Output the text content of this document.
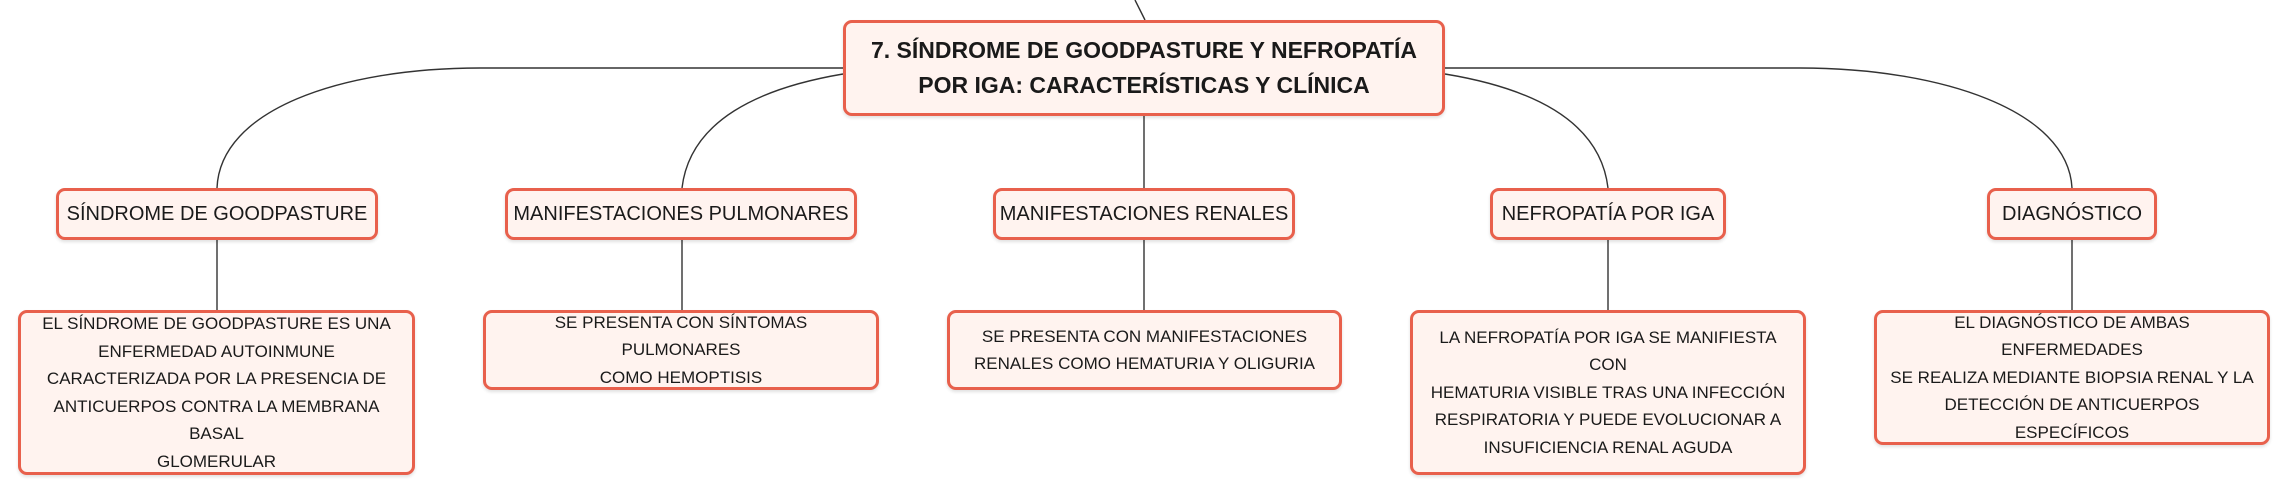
7. SÍNDROME DE GOODPASTURE Y NEFROPATÍA
POR IGA: CARACTERÍSTICAS Y CLÍNICA
SÍNDROME DE GOODPASTURE	MANIFESTACIONES PULMONARES	MANIFESTACIONES RENALES	NEFROPATÍA POR IGA	DIAGNÓSTICO
EL SÍNDROME DE GOODPASTURE ES UNA
ENFERMEDAD AUTOINMUNE
CARACTERIZADA POR LA PRESENCIA DE
ANTICUERPOS CONTRA LA MEMBRANA BASAL
GLOMERULAR
SE PRESENTA CON SÍNTOMAS PULMONARES
COMO HEMOPTISIS
SE PRESENTA CON MANIFESTACIONES
RENALES COMO HEMATURIA Y OLIGURIA
LA NEFROPATÍA POR IGA SE MANIFIESTA CON
HEMATURIA VISIBLE TRAS UNA INFECCIÓN
RESPIRATORIA Y PUEDE EVOLUCIONAR A
INSUFICIENCIA RENAL AGUDA
EL DIAGNÓSTICO DE AMBAS ENFERMEDADES
SE REALIZA MEDIANTE BIOPSIA RENAL Y LA
DETECCIÓN DE ANTICUERPOS ESPECÍFICOS
